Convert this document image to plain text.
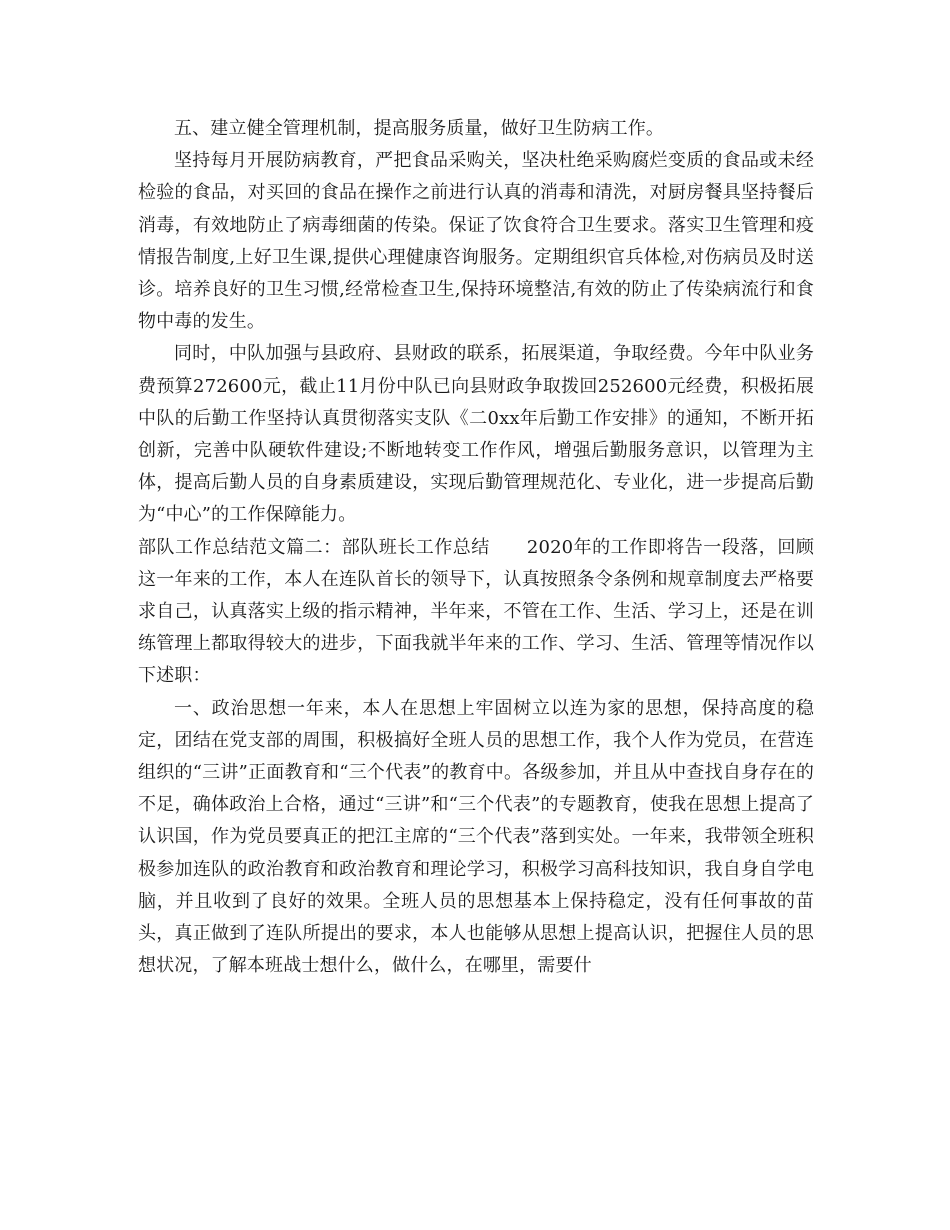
五、建立健全管理机制，提高服务质量，做好卫生防病工作。

坚持每月开展防病教育，严把食品采购关，坚决杜绝采购腐烂变质的食品或未经检验的食品，对买回的食品在操作之前进行认真的消毒和清洗，对厨房餐具坚持餐后消毒，有效地防止了病毒细菌的传染。保证了饮食符合卫生要求。落实卫生管理和疫情报告制度,上好卫生课,提供心理健康咨询服务。定期组织官兵体检,对伤病员及时送诊。培养良好的卫生习惯,经常检查卫生,保持环境整洁,有效的防止了传染病流行和食物中毒的发生。

同时，中队加强与县政府、县财政的联系，拓展渠道，争取经费。今年中队业务费预算272600元，截止11月份中队已向县财政争取拨回252600元经费，积极拓展中队的后勤工作坚持认真贯彻落实支队《二0xx年后勤工作安排》的通知，不断开拓创新，完善中队硬软件建设;不断地转变工作作风，增强后勤服务意识，以管理为主体，提高后勤人员的自身素质建设，实现后勤管理规范化、专业化，进一步提高后勤为“中心”的工作保障能力。

部队工作总结范文篇二：部队班长工作总结　　2020年的工作即将告一段落，回顾这一年来的工作，本人在连队首长的领导下，认真按照条令条例和规章制度去严格要求自己，认真落实上级的指示精神，半年来，不管在工作、生活、学习上，还是在训练管理上都取得较大的进步，下面我就半年来的工作、学习、生活、管理等情况作以下述职：

一、政治思想一年来，本人在思想上牢固树立以连为家的思想，保持高度的稳定，团结在党支部的周围，积极搞好全班人员的思想工作，我个人作为党员，在营连组织的“三讲”正面教育和“三个代表”的教育中。各级参加，并且从中查找自身存在的不足，确体政治上合格，通过“三讲”和“三个代表”的专题教育，使我在思想上提高了认识国，作为党员要真正的把江主席的“三个代表”落到实处。一年来，我带领全班积极参加连队的政治教育和政治教育和理论学习，积极学习高科技知识，我自身自学电脑，并且收到了良好的效果。全班人员的思想基本上保持稳定，没有任何事故的苗头，真正做到了连队所提出的要求，本人也能够从思想上提高认识，把握住人员的思想状况，了解本班战士想什么，做什么，在哪里，需要什
